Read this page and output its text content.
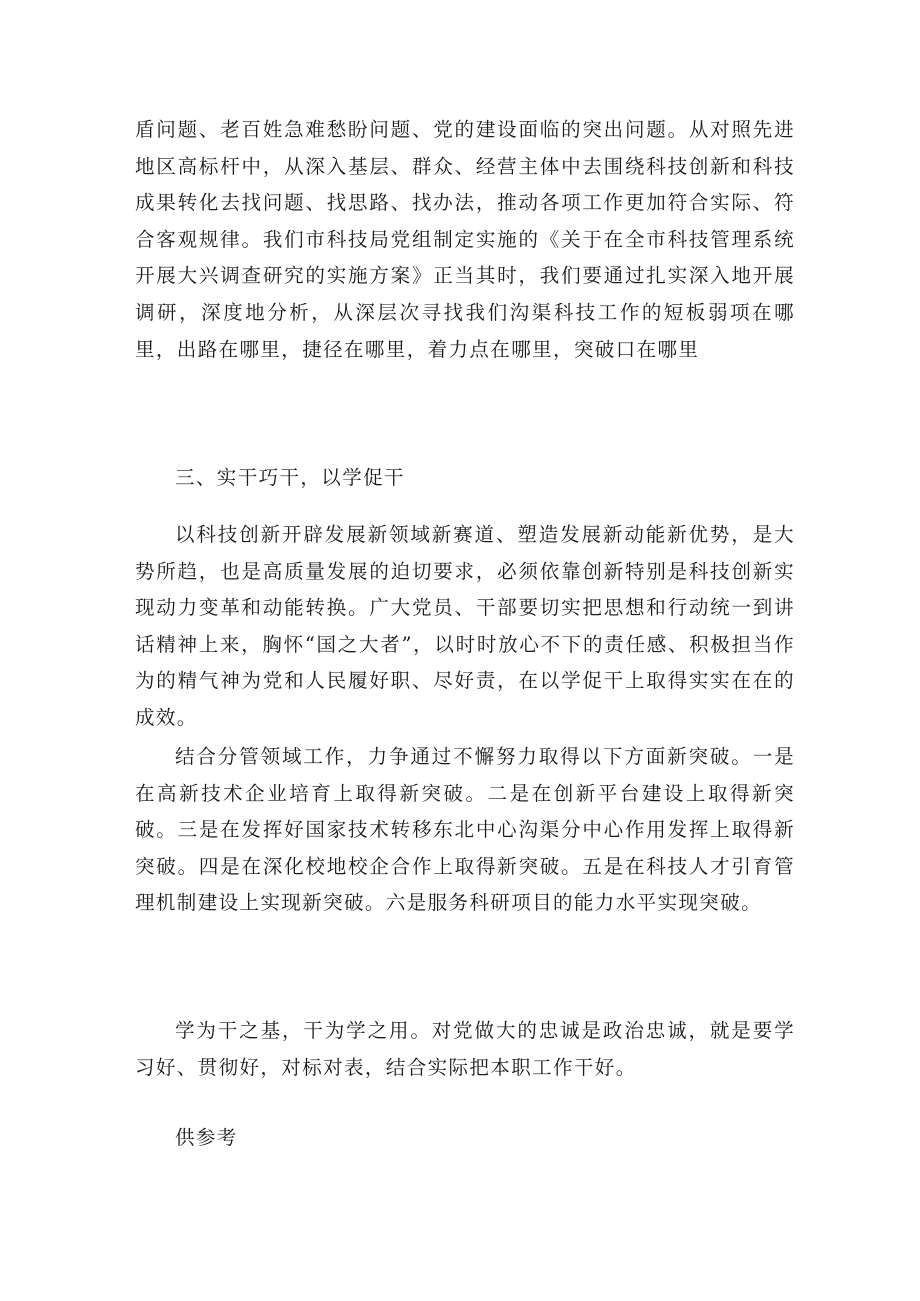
盾问题、老百姓急难愁盼问题、党的建设面临的突出问题。从对照先进地区高标杆中，从深入基层、群众、经营主体中去围绕科技创新和科技成果转化去找问题、找思路、找办法，推动各项工作更加符合实际、符合客观规律。我们市科技局党组制定实施的《关于在全市科技管理系统开展大兴调查研究的实施方案》正当其时，我们要通过扎实深入地开展调研，深度地分析，从深层次寻找我们沟渠科技工作的短板弱项在哪里，出路在哪里，捷径在哪里，着力点在哪里，突破口在哪里

三、实干巧干，以学促干

以科技创新开辟发展新领域新赛道、塑造发展新动能新优势，是大势所趋，也是高质量发展的迫切要求，必须依靠创新特别是科技创新实现动力变革和动能转换。广大党员、干部要切实把思想和行动统一到讲话精神上来，胸怀“国之大者”，以时时放心不下的责任感、积极担当作为的精气神为党和人民履好职、尽好责，在以学促干上取得实实在在的成效。

结合分管领域工作，力争通过不懈努力取得以下方面新突破。一是在高新技术企业培育上取得新突破。二是在创新平台建设上取得新突破。三是在发挥好国家技术转移东北中心沟渠分中心作用发挥上取得新突破。四是在深化校地校企合作上取得新突破。五是在科技人才引育管理机制建设上实现新突破。六是服务科研项目的能力水平实现突破。

学为干之基，干为学之用。对党做大的忠诚是政治忠诚，就是要学习好、贯彻好，对标对表，结合实际把本职工作干好。

供参考
